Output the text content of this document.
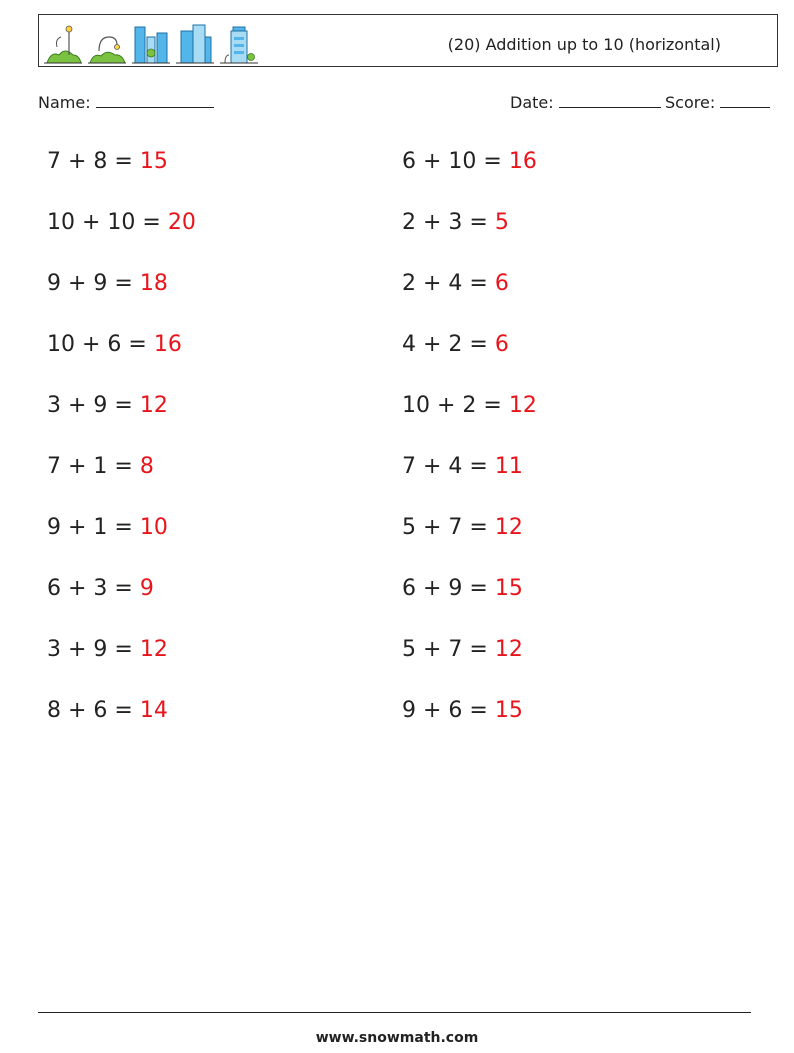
(20) Addition up to 10 (horizontal)
Name:	Date:	Score:
7 + 8 = 15
10 + 10 = 20
9 + 9 = 18
10 + 6 = 16
3 + 9 = 12
7 + 1 = 8
9 + 1 = 10
6 + 3 = 9
3 + 9 = 12
8 + 6 = 14
6 + 10 = 16
2 + 3 = 5
2 + 4 = 6
4 + 2 = 6
10 + 2 = 12
7 + 4 = 11
5 + 7 = 12
6 + 9 = 15
5 + 7 = 12
9 + 6 = 15
www.snowmath.com
